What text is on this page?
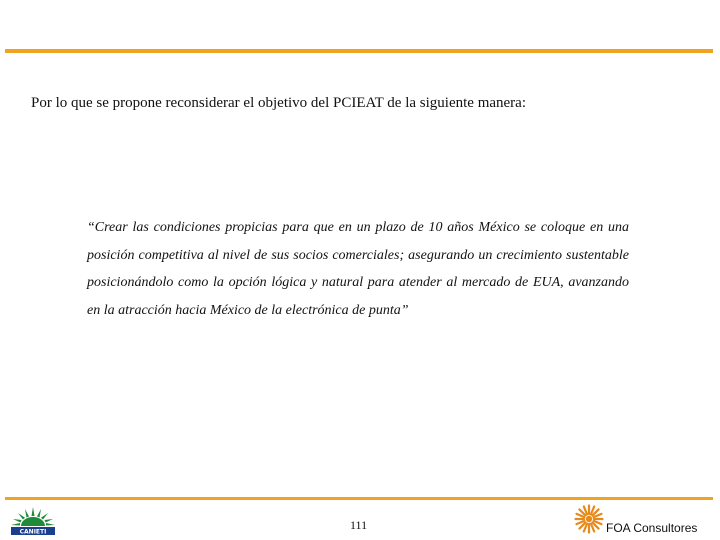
Por lo que se propone reconsiderar el objetivo del PCIEAT de la siguiente manera:
“Crear las condiciones propicias para que en un plazo de 10 años México se coloque en una posición competitiva al nivel de sus socios comerciales; asegurando un crecimiento sustentable posicionándolo como la opción lógica y natural para atender al mercado de EUA, avanzando en la atracción hacia México de la electrónica de punta”
CANIETI	111	FOA Consultores
